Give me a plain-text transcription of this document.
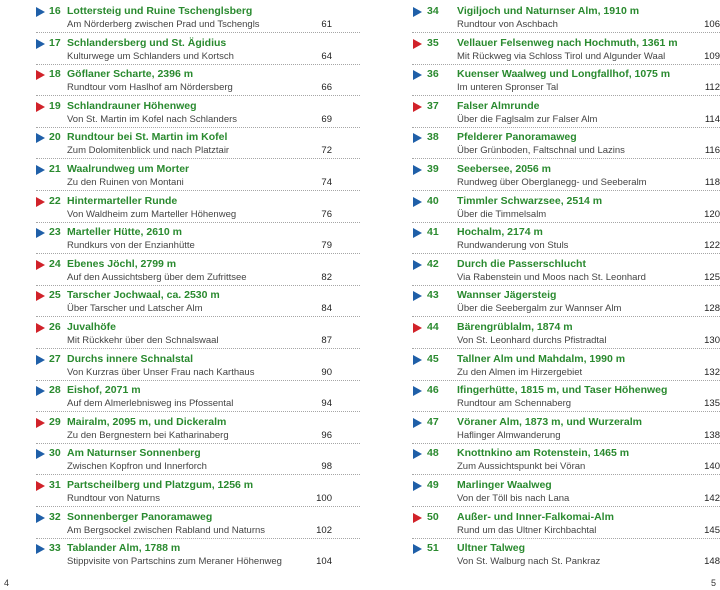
16 Lottersteig und Ruine Tschenglsberg
Am Nörderberg zwischen Prad und Tschengls	61
17 Schlandersberg und St. Ägidius
Kulturwege um Schlanders und Kortsch	64
18 Göflaner Scharte, 2396 m
Rundtour vom Haslhof am Nördersberg	66
19 Schlandrauner Höhenweg
Von St. Martin im Kofel nach Schlanders	69
20 Rundtour bei St. Martin im Kofel
Zum Dolomitenblick und nach Platztair	72
21 Waalrundweg um Morter
Zu den Ruinen von Montani	74
22 Hintermarteller Runde
Von Waldheim zum Marteller Höhenweg	76
23 Marteller Hütte, 2610 m
Rundkurs von der Enzianhütte	79
24 Ebenes Jöchl, 2799 m
Auf den Aussichtsberg über dem Zufrittsee	82
25 Tarscher Jochwaal, ca. 2530 m
Über Tarscher und Latscher Alm	84
26 Juvalhöfe
Mit Rückkehr über den Schnalswaal	87
27 Durchs innere Schnalstal
Von Kurzras über Unser Frau nach Karthaus	90
28 Eishof, 2071 m
Auf dem Almerlebnisweg ins Pfossental	94
29 Mairalm, 2095 m, und Dickeralm
Zu den Bergnestern bei Katharinaberg	96
30 Am Naturnser Sonnenberg
Zwischen Kopfron und Innerforch	98
31 Partscheilberg und Platzgum, 1256 m
Rundtour von Naturns	100
32 Sonnenberger Panoramaweg
Am Bergsockel zwischen Rabland und Naturns	102
33 Tablander Alm, 1788 m
Stippvisite von Partschins zum Meraner Höhenweg	104
34	Vigiljoch und Naturnser Alm, 1910 m
Rundtour von Aschbach	106
35	Vellauer Felsenweg nach Hochmuth, 1361 m
Mit Rückweg via Schloss Tirol und Algunder Waal	109
36	Kuenser Waalweg und Longfallhof, 1075 m
Im unteren Spronser Tal	112
37	Falser Almrunde
Über die Faglsalm zur Falser Alm	114
38	Pfelderer Panoramaweg
Über Grünboden, Faltschnal und Lazins	116
39	Seebersee, 2056 m
Rundweg über Oberglanegg- und Seeberalm	118
40	Timmler Schwarzsee, 2514 m
Über die Timmelsalm	120
41	Hochalm, 2174 m
Rundwanderung von Stuls	122
42	Durch die Passerschlucht
Via Rabenstein und Moos nach St. Leonhard	125
43	Wannser Jägersteig
Über die Seebergalm zur Wannser Alm	128
44	Bärengrüblalm, 1874 m
Von St. Leonhard durchs Pfistradtal	130
45	Tallner Alm und Mahdalm, 1990 m
Zu den Almen im Hirzergebiet	132
46	Ifingerhütte, 1815 m, und Taser Höhenweg
Rundtour am Schennaberg	135
47	Vöraner Alm, 1873 m, und Wurzeralm
Haflinger Almwanderung	138
48	Knottnkino am Rotenstein, 1465 m
Zum Aussichtspunkt bei Vöran	140
49	Marlinger Waalweg
Von der Töll bis nach Lana	142
50	Außer- und Inner-Falkomai-Alm
Rund um das Ultner Kirchbachtal	145
51	Ultner Talweg
Von St. Walburg nach St. Pankraz	148
4	5
